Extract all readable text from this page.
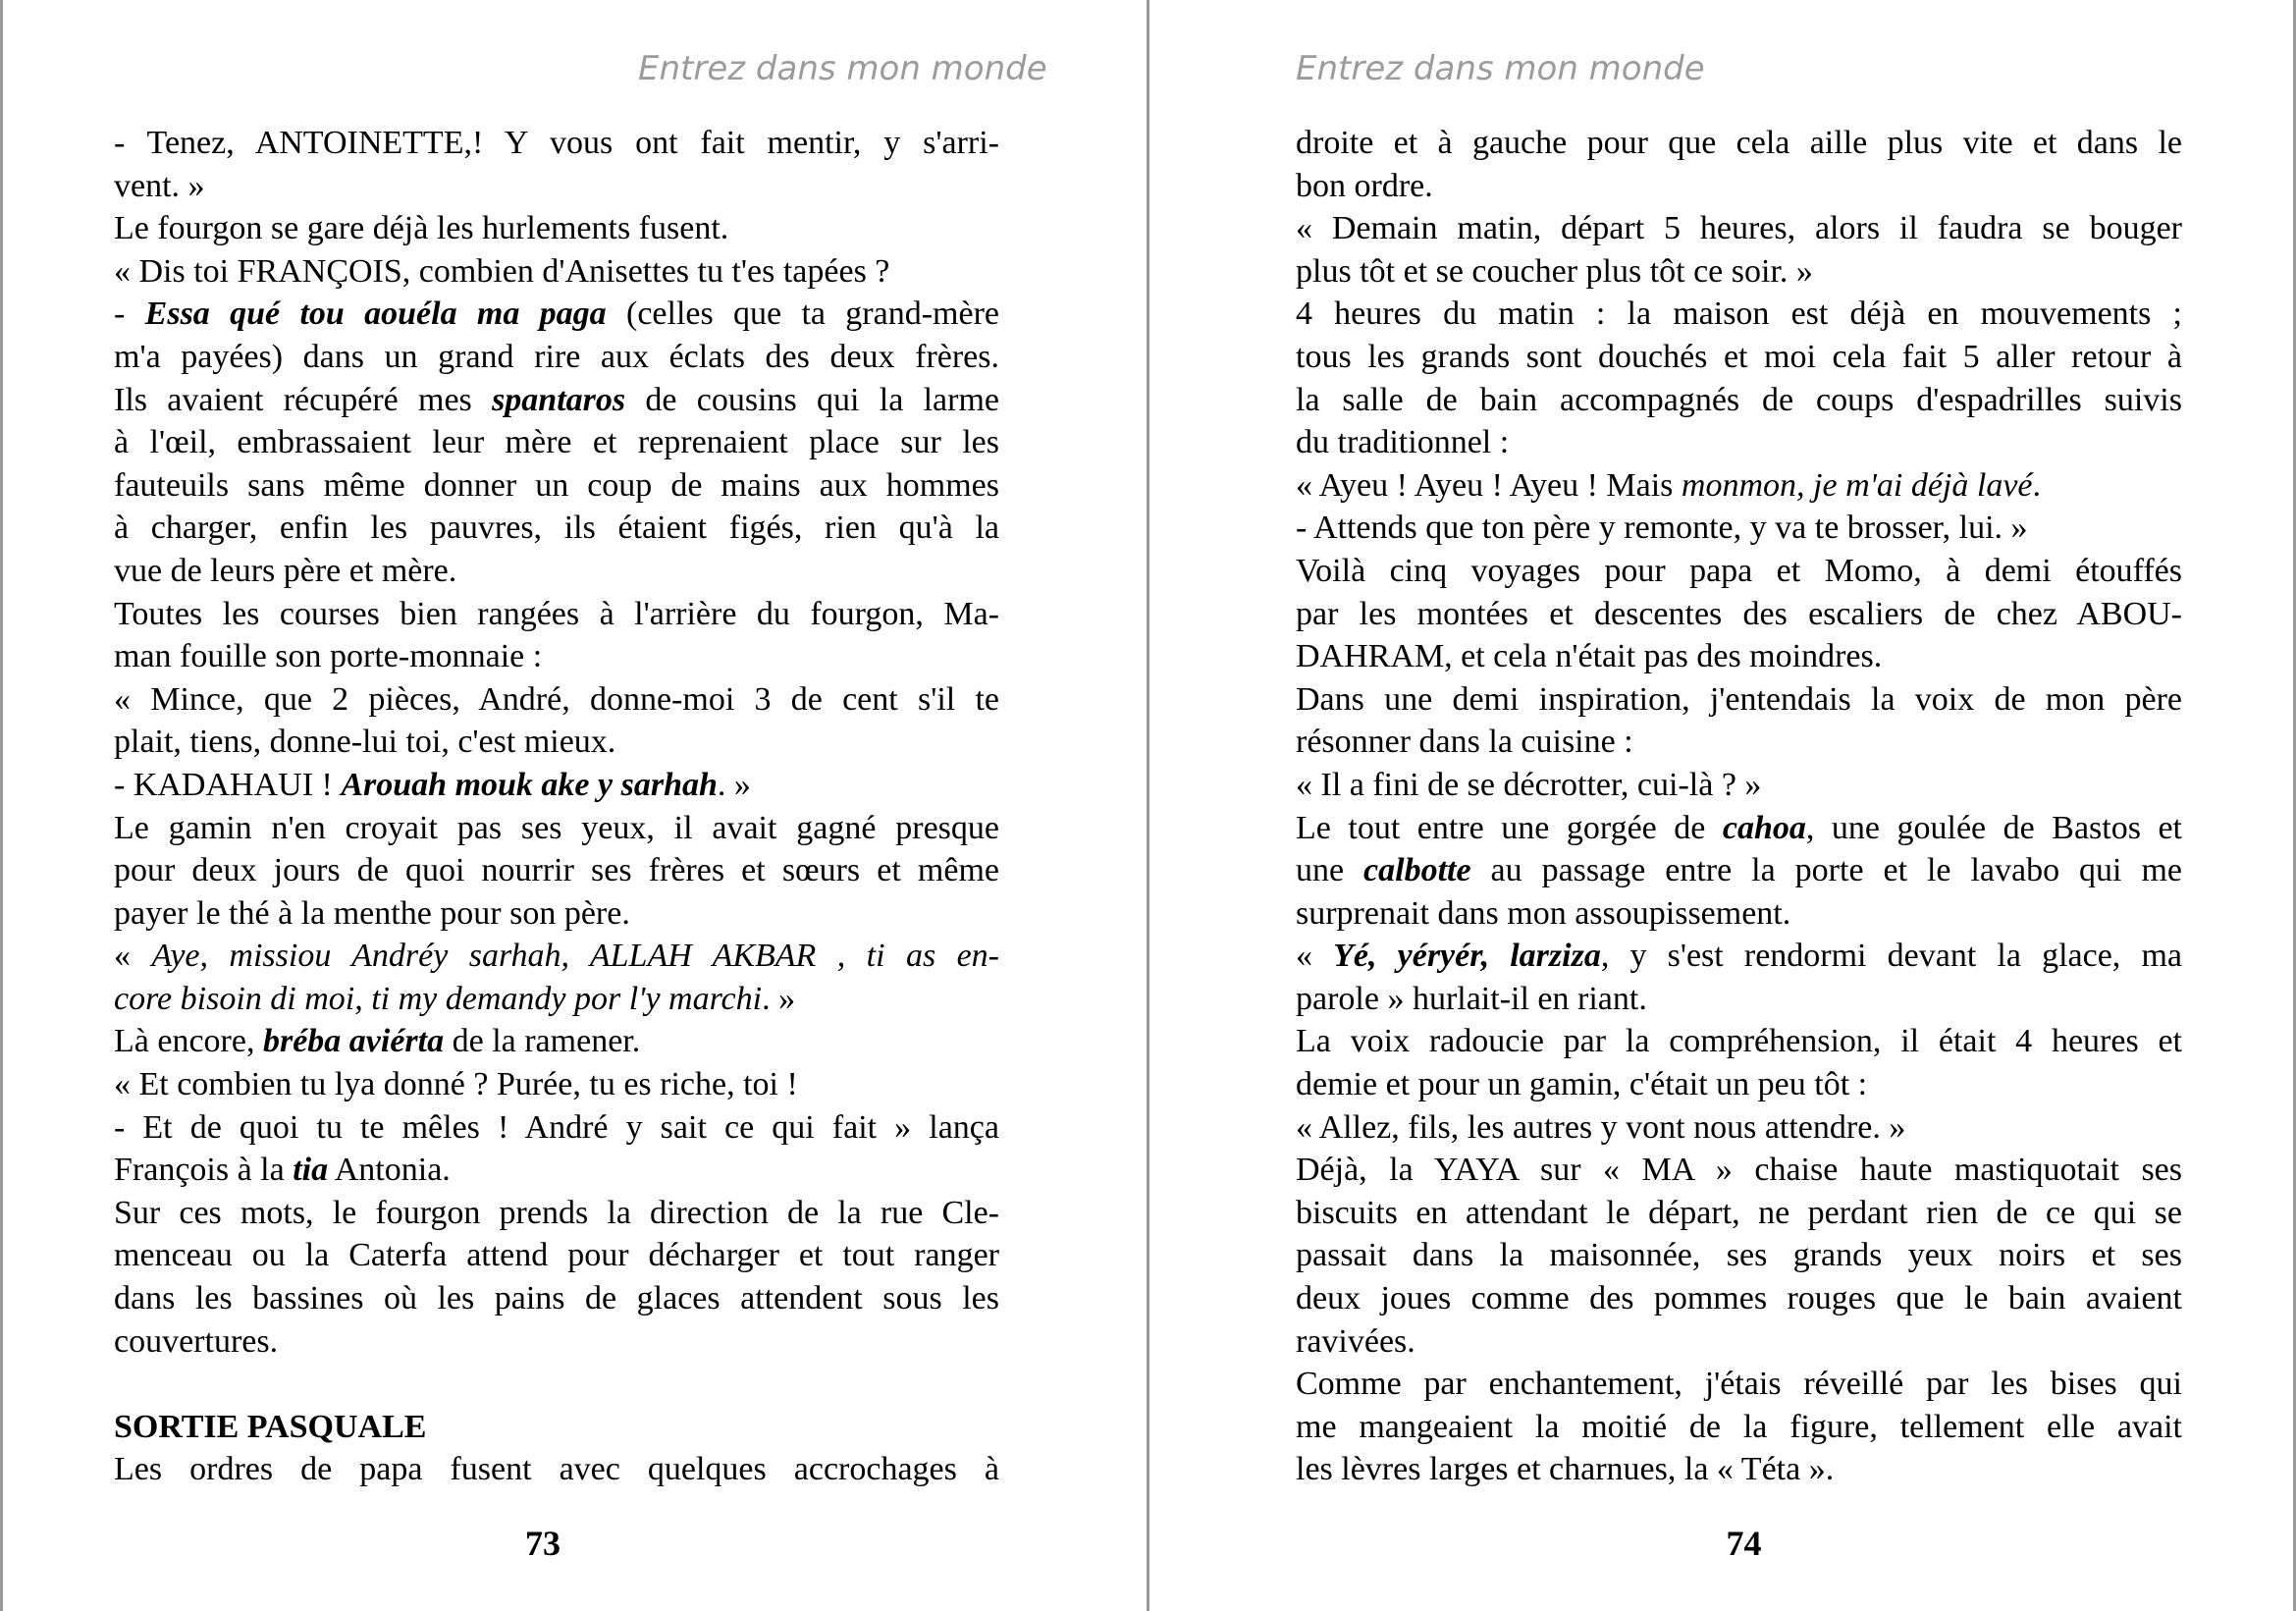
Entrez dans mon monde
- Tenez, ANTOINETTE,! Y vous ont fait mentir, y s'arri-
vent. »
Le fourgon se gare déjà les hurlements fusent.
« Dis toi FRANÇOIS, combien d'Anisettes tu t'es tapées ?
- Essa qué tou aouéla ma paga (celles que ta grand-mère
m'a payées) dans un grand rire aux éclats des deux frères.
Ils avaient récupéré mes spantaros de cousins qui la larme
à l'œil, embrassaient leur mère et reprenaient place sur les
fauteuils sans même donner un coup de mains aux hommes
à charger, enfin les pauvres, ils étaient figés, rien qu'à la
vue de leurs père et mère.
Toutes les courses bien rangées à l'arrière du fourgon, Ma-
man fouille son porte-monnaie :
« Mince, que 2 pièces, André, donne-moi 3 de cent s'il te
plait, tiens, donne-lui toi, c'est mieux.
- KADAHAUI ! Arouah mouk ake y sarhah. »
Le gamin n'en croyait pas ses yeux, il avait gagné presque
pour deux jours de quoi nourrir ses frères et sœurs et même
payer le thé à la menthe pour son père.
« Aye, missiou Andréy sarhah, ALLAH AKBAR , ti as en-
core bisoin di moi, ti my demandy por l'y marchi. »
Là encore, bréba aviérta de la ramener.
« Et combien tu lya donné ? Purée, tu es riche, toi !
- Et de quoi tu te mêles ! André y sait ce qui fait » lança
François à la tia Antonia.
Sur ces mots, le fourgon prends la direction de la rue Cle-
menceau ou la Caterfa attend pour décharger et tout ranger
dans les bassines où les pains de glaces attendent sous les
couvertures.
SORTIE PASQUALE
Les ordres de papa fusent avec quelques accrochages à
73
Entrez dans mon monde
droite et à gauche pour que cela aille plus vite et dans le
bon ordre.
« Demain matin, départ 5 heures, alors il faudra se bouger
plus tôt et se coucher plus tôt ce soir. »
4 heures du matin : la maison est déjà en mouvements ;
tous les grands sont douchés et moi cela fait 5 aller retour à
la salle de bain accompagnés de coups d'espadrilles suivis
du traditionnel :
« Ayeu ! Ayeu ! Ayeu ! Mais monmon, je m'ai déjà lavé.
- Attends que ton père y remonte, y va te brosser, lui. »
Voilà cinq voyages pour papa et Momo, à demi étouffés
par les montées et descentes des escaliers de chez ABOU-
DAHRAM, et cela n'était pas des moindres.
Dans une demi inspiration, j'entendais la voix de mon père
résonner dans la cuisine :
« Il a fini de se décrotter, cui-là ? »
Le tout entre une gorgée de cahoa, une goulée de Bastos et
une calbotte au passage entre la porte et le lavabo qui me
surprenait dans mon assoupissement.
« Yé, yéryér, larziza, y s'est rendormi devant la glace, ma
parole » hurlait-il en riant.
La voix radoucie par la compréhension, il était 4 heures et
demie et pour un gamin, c'était un peu tôt :
« Allez, fils, les autres y vont nous attendre. »
Déjà, la YAYA sur « MA » chaise haute mastiquotait ses
biscuits en attendant le départ, ne perdant rien de ce qui se
passait dans la maisonnée, ses grands yeux noirs et ses
deux joues comme des pommes rouges que le bain avaient
ravivées.
Comme par enchantement, j'étais réveillé par les bises qui
me mangeaient la moitié de la figure, tellement elle avait
les lèvres larges et charnues, la « Téta ».
74
